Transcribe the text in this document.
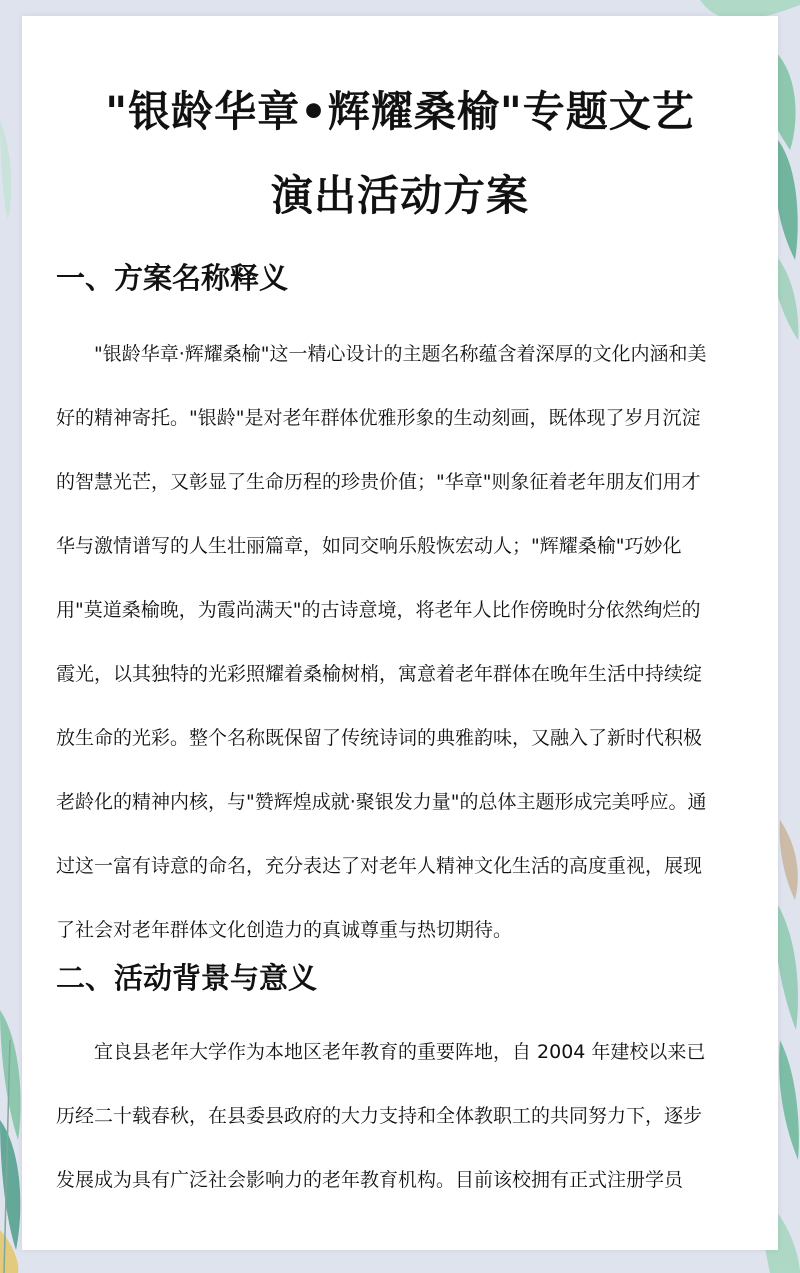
"银龄华章•辉耀桑榆"专题文艺
演出活动方案
一、方案名称释义
　　"银龄华章·辉耀桑榆"这一精心设计的主题名称蕴含着深厚的文化内涵和美
好的精神寄托。"银龄"是对老年群体优雅形象的生动刻画，既体现了岁月沉淀
的智慧光芒，又彰显了生命历程的珍贵价值；"华章"则象征着老年朋友们用才
华与激情谱写的人生壮丽篇章，如同交响乐般恢宏动人；"辉耀桑榆"巧妙化
用"莫道桑榆晚，为霞尚满天"的古诗意境，将老年人比作傍晚时分依然绚烂的
霞光，以其独特的光彩照耀着桑榆树梢，寓意着老年群体在晚年生活中持续绽
放生命的光彩。整个名称既保留了传统诗词的典雅韵味，又融入了新时代积极
老龄化的精神内核，与"赞辉煌成就·聚银发力量"的总体主题形成完美呼应。通
过这一富有诗意的命名，充分表达了对老年人精神文化生活的高度重视，展现
了社会对老年群体文化创造力的真诚尊重与热切期待。
二、活动背景与意义
　　宜良县老年大学作为本地区老年教育的重要阵地，自 2004 年建校以来已
历经二十载春秋，在县委县政府的大力支持和全体教职工的共同努力下，逐步
发展成为具有广泛社会影响力的老年教育机构。目前该校拥有正式注册学员
